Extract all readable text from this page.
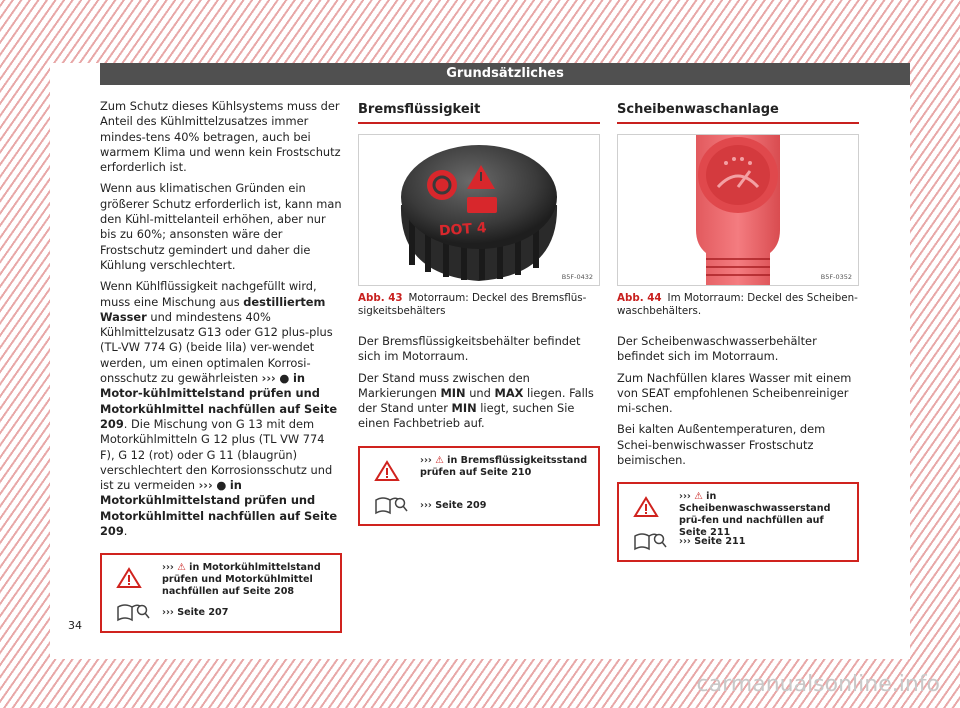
Grundsätzliches

Zum Schutz dieses Kühlsystems muss der Anteil des Kühlmittelzusatzes immer mindes-tens 40% betragen, auch bei warmem Klima und wenn kein Frostschutz erforderlich ist.

Wenn aus klimatischen Gründen ein größerer Schutz erforderlich ist, kann man den Kühl-mittelanteil erhöhen, aber nur bis zu 60%; ansonsten wäre der Frostschutz gemindert und daher die Kühlung verschlechtert.

Wenn Kühlflüssigkeit nachgefüllt wird, muss eine Mischung aus destilliertem Wasser und mindestens 40% Kühlmittelzusatz G13 oder G12 plus-plus (TL-VW 774 G) (beide lila) ver-wendet werden, um einen optimalen Korrosi-onsschutz zu gewährleisten ››› ● in Motor-kühlmittelstand prüfen und Motorkühlmittel nachfüllen auf Seite 209. Die Mischung von G 13 mit dem Motorkühlmitteln G 12 plus (TL VW 774 F), G 12 (rot) oder G 11 (blaugrün) verschlechtert den Korrosionsschutz und ist zu vermeiden ››› ● in Motorkühlmittelstand prüfen und Motorkühlmittel nachfüllen auf Seite 209.

››› ⚠ in Motorkühlmittelstand prüfen und Motorkühlmittel nachfüllen auf Seite 208
››› Seite 207
Bremsflüssigkeit
DOT 4
B5F-0432
Abb. 43 Motorraum: Deckel des Bremsflüs-sigkeitsbehälters

Der Bremsflüssigkeitsbehälter befindet sich im Motorraum.

Der Stand muss zwischen den Markierungen MIN und MAX liegen. Falls der Stand unter MIN liegt, suchen Sie einen Fachbetrieb auf.

››› ⚠ in Bremsflüssigkeitsstand prüfen auf Seite 210
››› Seite 209
Scheibenwaschanlage
B5F-0352
Abb. 44 Im Motorraum: Deckel des Scheiben-waschbehälters.

Der Scheibenwaschwasserbehälter befindet sich im Motorraum.

Zum Nachfüllen klares Wasser mit einem von SEAT empfohlenen Scheibenreiniger mi-schen.

Bei kalten Außentemperaturen, dem Schei-benwischwasser Frostschutz beimischen.

››› ⚠ in Scheibenwaschwasserstand prü-fen und nachfüllen auf Seite 211
››› Seite 211
34
carmanualsonline.info
